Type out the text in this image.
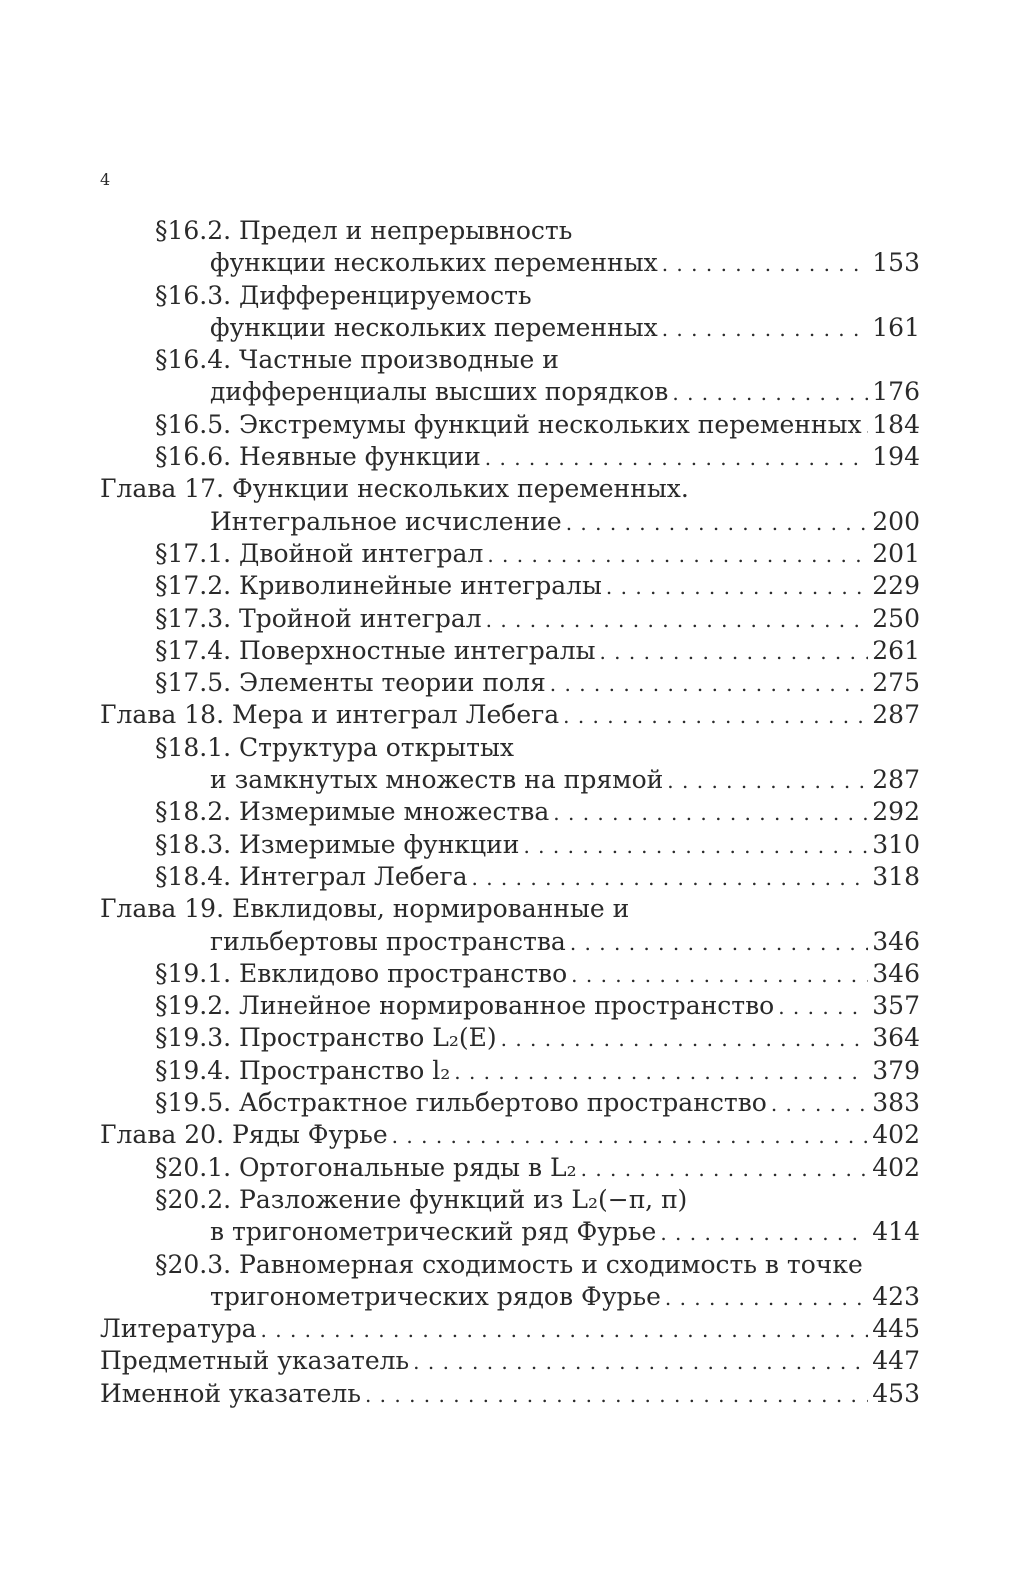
4
§16.2. Предел и непрерывность
функции нескольких переменных . . .	153
§16.3. Дифференцируемость
функции нескольких переменных . . .	161
§16.4. Частные производные и
дифференциалы высших порядков . . .	176
§16.5. Экстремумы функций нескольких переменных . . . 184
§16.6. Неявные функции . . .	194
Глава 17. Функции нескольких переменных.
Интегральное исчисление . . .	200
§17.1. Двойной интеграл . . .	201
§17.2. Криволинейные интегралы . . .	229
§17.3. Тройной интеграл . . .	250
§17.4. Поверхностные интегралы . . .	261
§17.5. Элементы теории поля . . .	275
Глава 18. Мера и интеграл Лебега . . .	287
§18.1. Структура открытых
и замкнутых множеств на прямой . . .	287
§18.2. Измеримые множества . . .	292
§18.3. Измеримые функции . . .	310
§18.4. Интеграл Лебега . . .	318
Глава 19. Евклидовы, нормированные и
гильбертовы пространства . . .	346
§19.1. Евклидово пространство . . .	346
§19.2. Линейное нормированное пространство . . .	357
§19.3. Пространство L₂(E) . . .	364
§19.4. Пространство l₂ . . .	379
§19.5. Абстрактное гильбертово пространство . . .	383
Глава 20. Ряды Фурье . . .	402
§20.1. Ортогональные ряды в L₂ . . .	402
§20.2. Разложение функций из L₂(−π, π)
в тригонометрический ряд Фурье . . .	414
§20.3. Равномерная сходимость и сходимость в точке
тригонометрических рядов Фурье . . .	423
Литература . . .	445
Предметный указатель . . .	447
Именной указатель . . .	453
